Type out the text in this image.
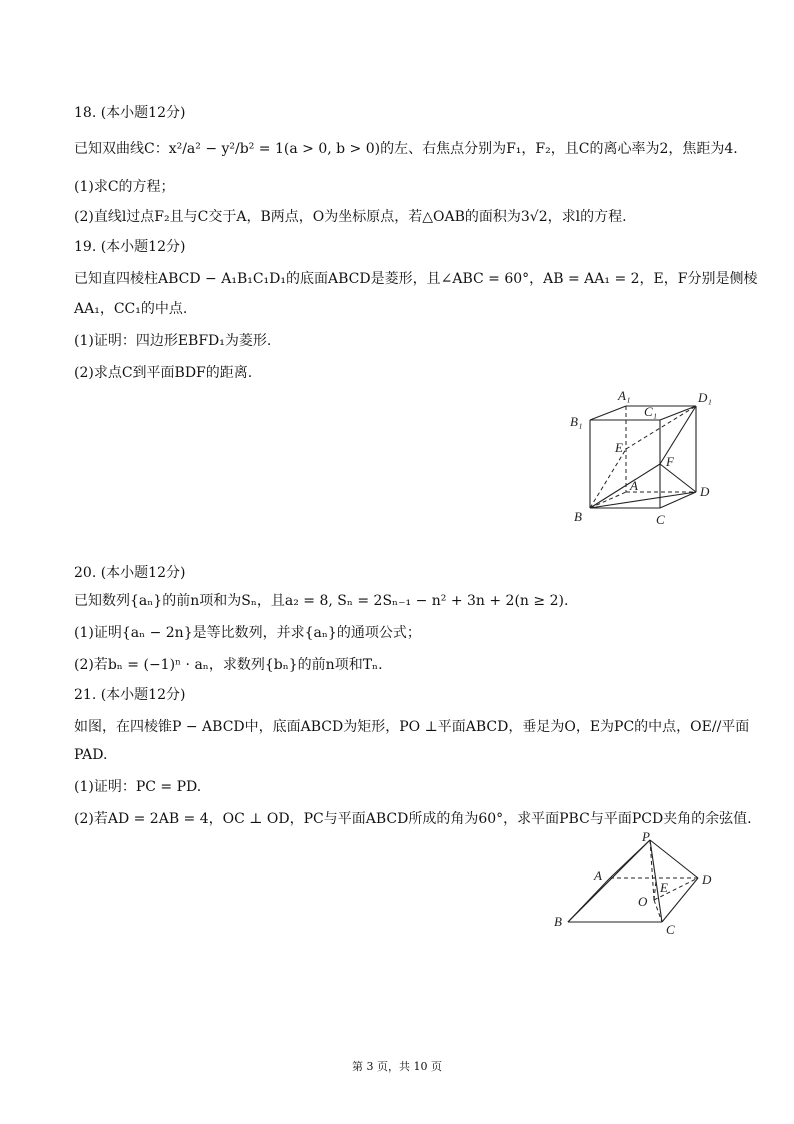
18. (本小题12分)
已知双曲线C：x²/a² − y²/b² = 1(a > 0, b > 0)的左、右焦点分别为F₁，F₂，且C的离心率为2，焦距为4.
(1)求C的方程；
(2)直线l过点F₂且与C交于A，B两点，O为坐标原点，若△OAB的面积为3√2，求l的方程.
19. (本小题12分)
已知直四棱柱ABCD − A₁B₁C₁D₁的底面ABCD是菱形，且∠ABC = 60°，AB = AA₁ = 2，E，F分别是侧棱
AA₁，CC₁的中点.
(1)证明：四边形EBFD₁为菱形.
(2)求点C到平面BDF的距离.
A₁	D₁
B₁
C₁
E
F
A	D
B	C
20. (本小题12分)
已知数列{aₙ}的前n项和为Sₙ，且a₂ = 8, Sₙ = 2Sₙ₋₁ − n² + 3n + 2(n ≥ 2).
(1)证明{aₙ − 2n}是等比数列，并求{aₙ}的通项公式；
(2)若bₙ = (−1)ⁿ · aₙ，求数列{bₙ}的前n项和Tₙ.
21. (本小题12分)
如图，在四棱锥P − ABCD中，底面ABCD为矩形，PO ⊥平面ABCD，垂足为O，E为PC的中点，OE//平面
PAD.
(1)证明：PC = PD.
(2)若AD = 2AB = 4，OC ⊥ OD，PC与平面ABCD所成的角为60°，求平面PBC与平面PCD夹角的余弦值.
P
A	D
E
O
B
C
第 3 页，共 10 页
